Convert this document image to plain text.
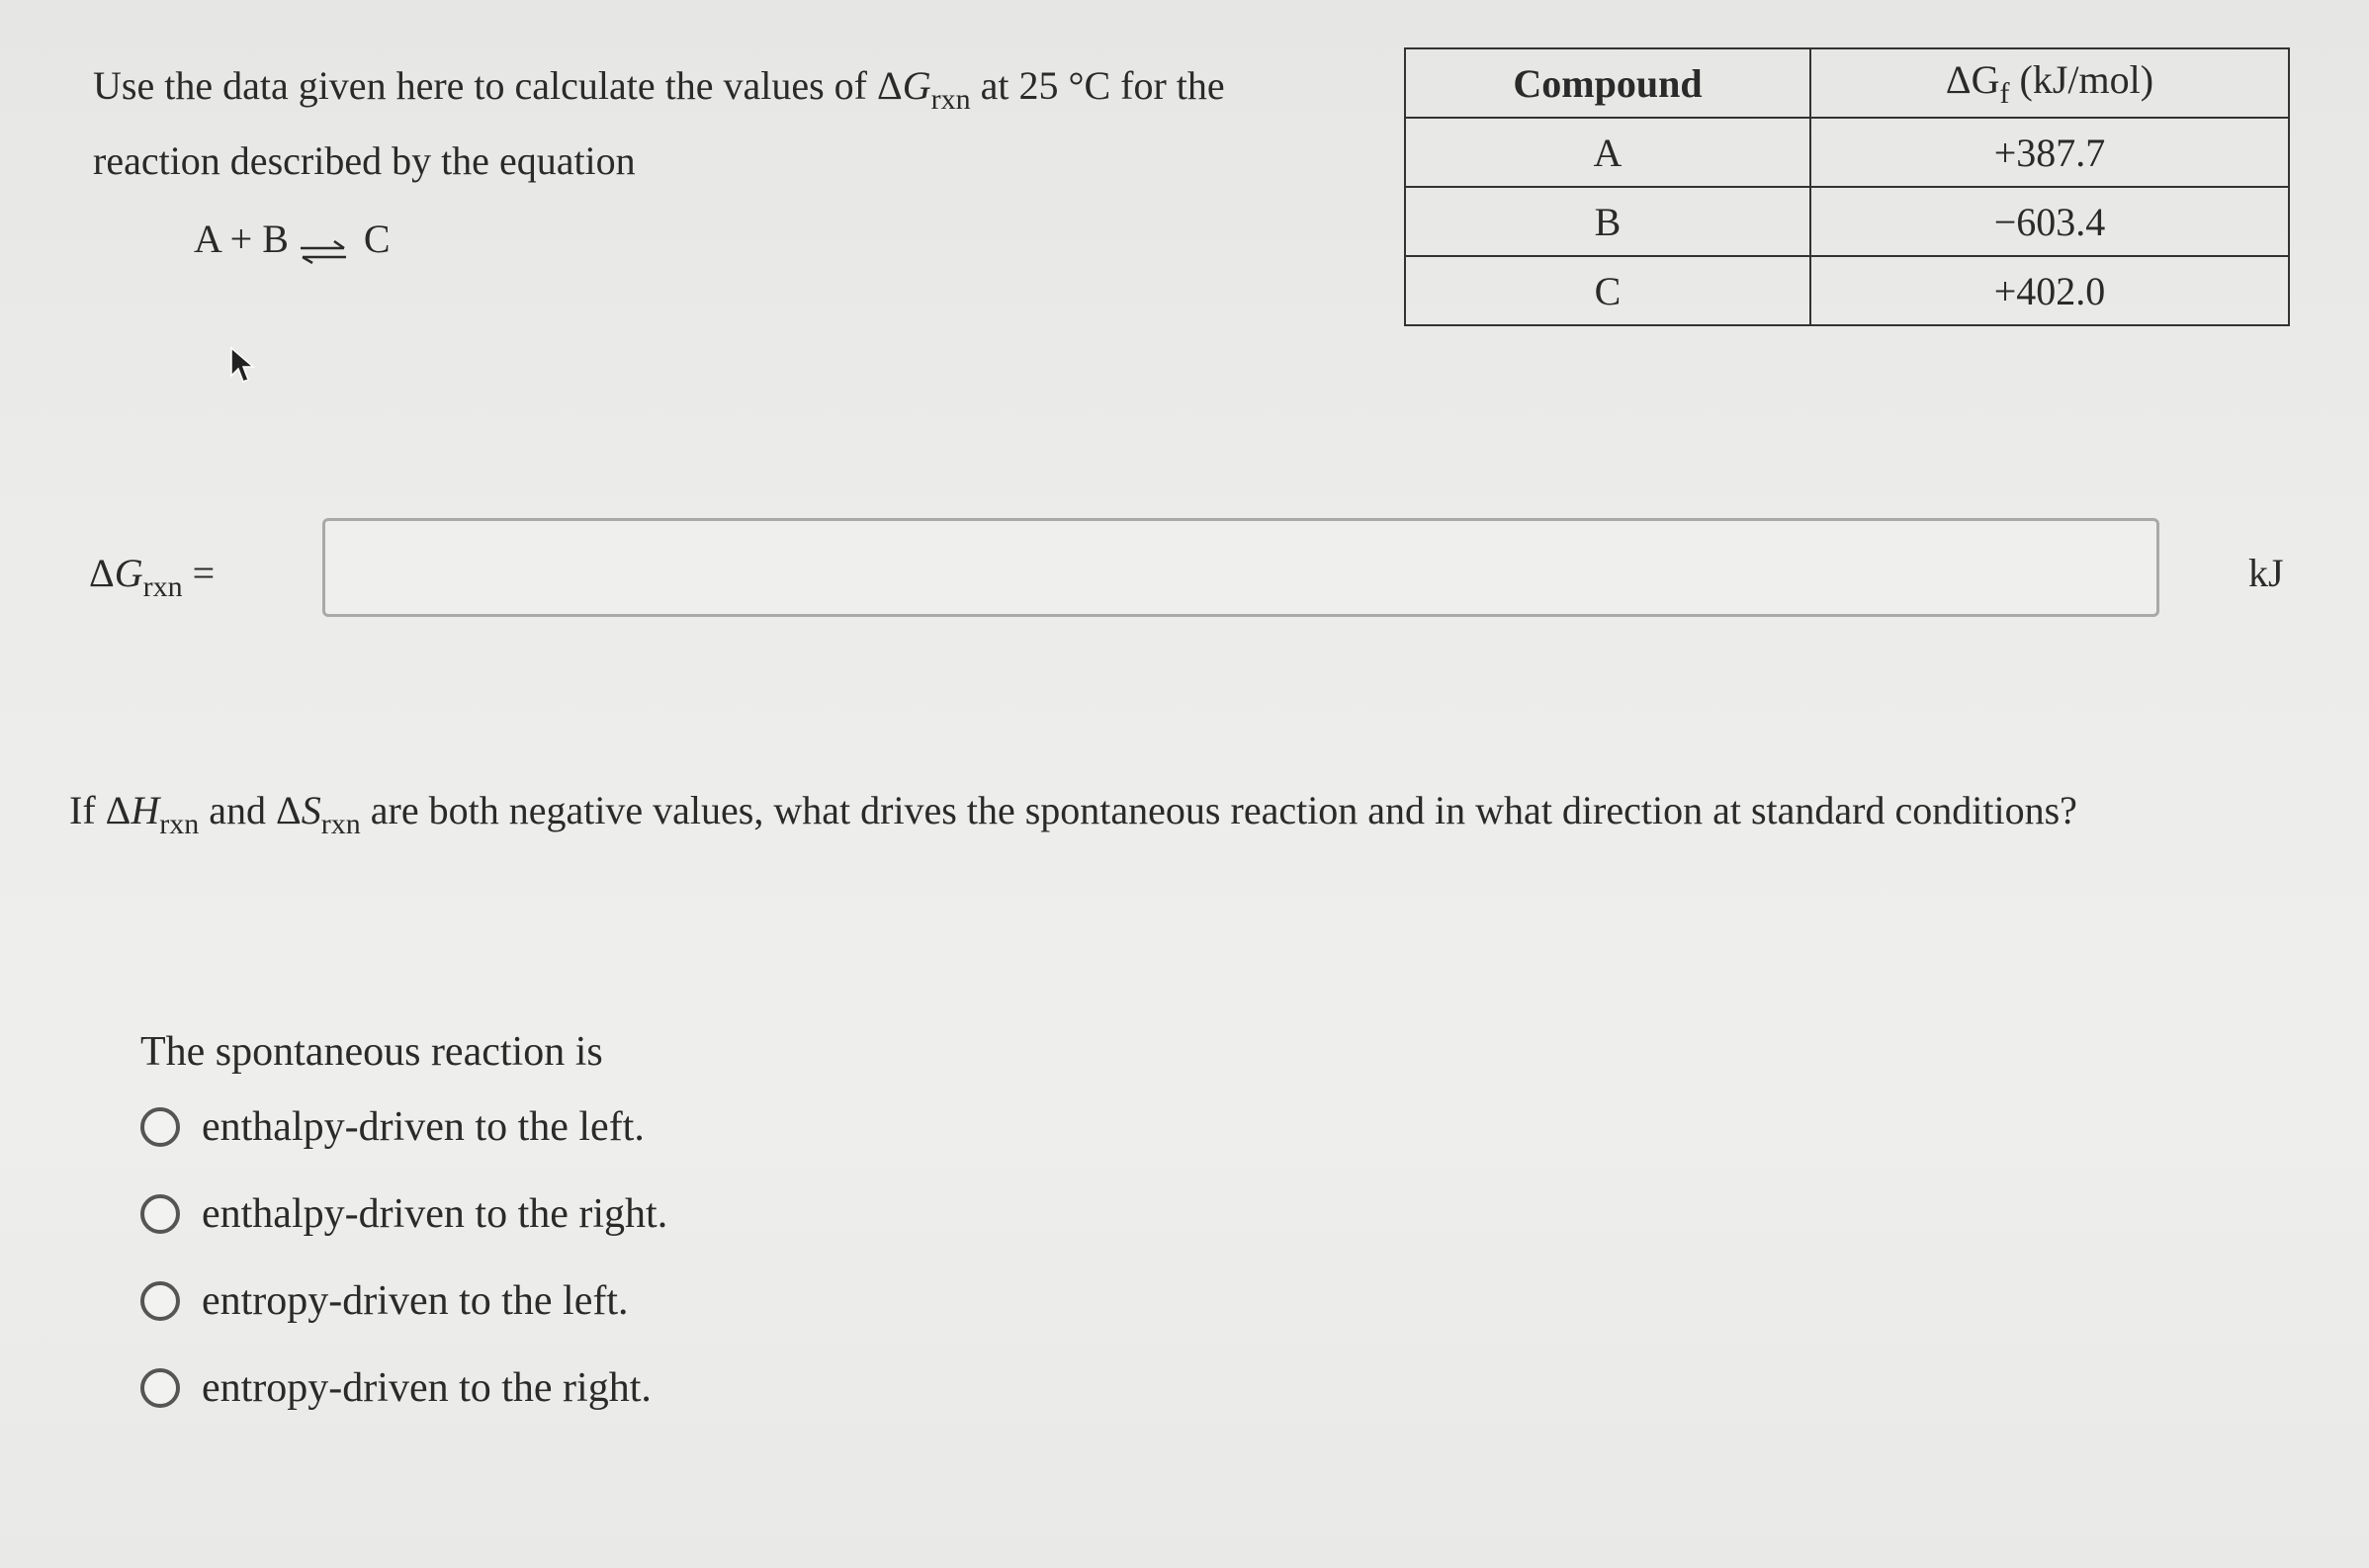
Use the data given here to calculate the values of $\Delta G_{rxn}$ at 25 °C for the
reaction described by the equation
A + B ⇌ C
Compound	$\Delta G_f$ (kJ/mol)
A	+387.7
B	−603.4
C	+402.0
$\Delta G_{rxn}$ =	kJ
If $\Delta H_{rxn}$ and $\Delta S_{rxn}$ are both negative values, what drives the spontaneous reaction and in what direction at standard conditions?
The spontaneous reaction is
enthalpy-driven to the left.
enthalpy-driven to the right.
entropy-driven to the left.
entropy-driven to the right.
